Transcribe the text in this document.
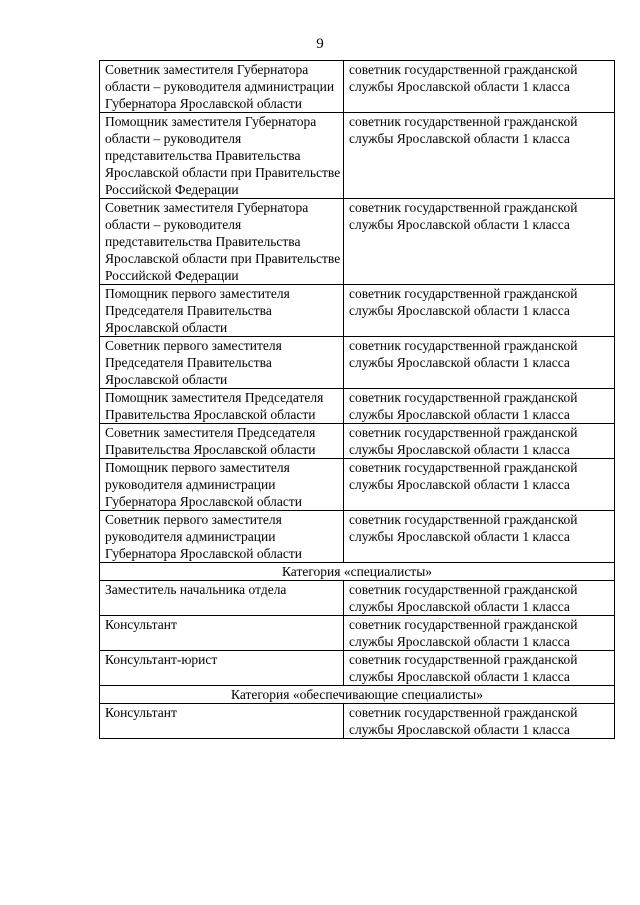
9
Советник заместителя Губернатора области – руководителя администрации Губернатора Ярославской области	советник государственной гражданской службы Ярославской области 1 класса
Помощник заместителя Губернатора области – руководителя представительства Правительства Ярославской области при Правительстве Российской Федерации	советник государственной гражданской службы Ярославской области 1 класса
Советник заместителя Губернатора области – руководителя представительства Правительства Ярославской области при Правительстве Российской Федерации	советник государственной гражданской службы Ярославской области 1 класса
Помощник первого заместителя Председателя Правительства Ярославской области	советник государственной гражданской службы Ярославской области 1 класса
Советник первого заместителя Председателя Правительства Ярославской области	советник государственной гражданской службы Ярославской области 1 класса
Помощник заместителя Председателя Правительства Ярославской области	советник государственной гражданской службы Ярославской области 1 класса
Советник заместителя Председателя Правительства Ярославской области	советник государственной гражданской службы Ярославской области 1 класса
Помощник первого заместителя руководителя администрации Губернатора Ярославской области	советник государственной гражданской службы Ярославской области 1 класса
Советник первого заместителя руководителя администрации Губернатора Ярославской области	советник государственной гражданской службы Ярославской области 1 класса
Категория «специалисты»	
Заместитель начальника отдела	советник государственной гражданской службы Ярославской области 1 класса
Консультант	советник государственной гражданской службы Ярославской области 1 класса
Консультант-юрист	советник государственной гражданской службы Ярославской области 1 класса
Категория «обеспечивающие специалисты»	
Консультант	советник государственной гражданской службы Ярославской области 1 класса
